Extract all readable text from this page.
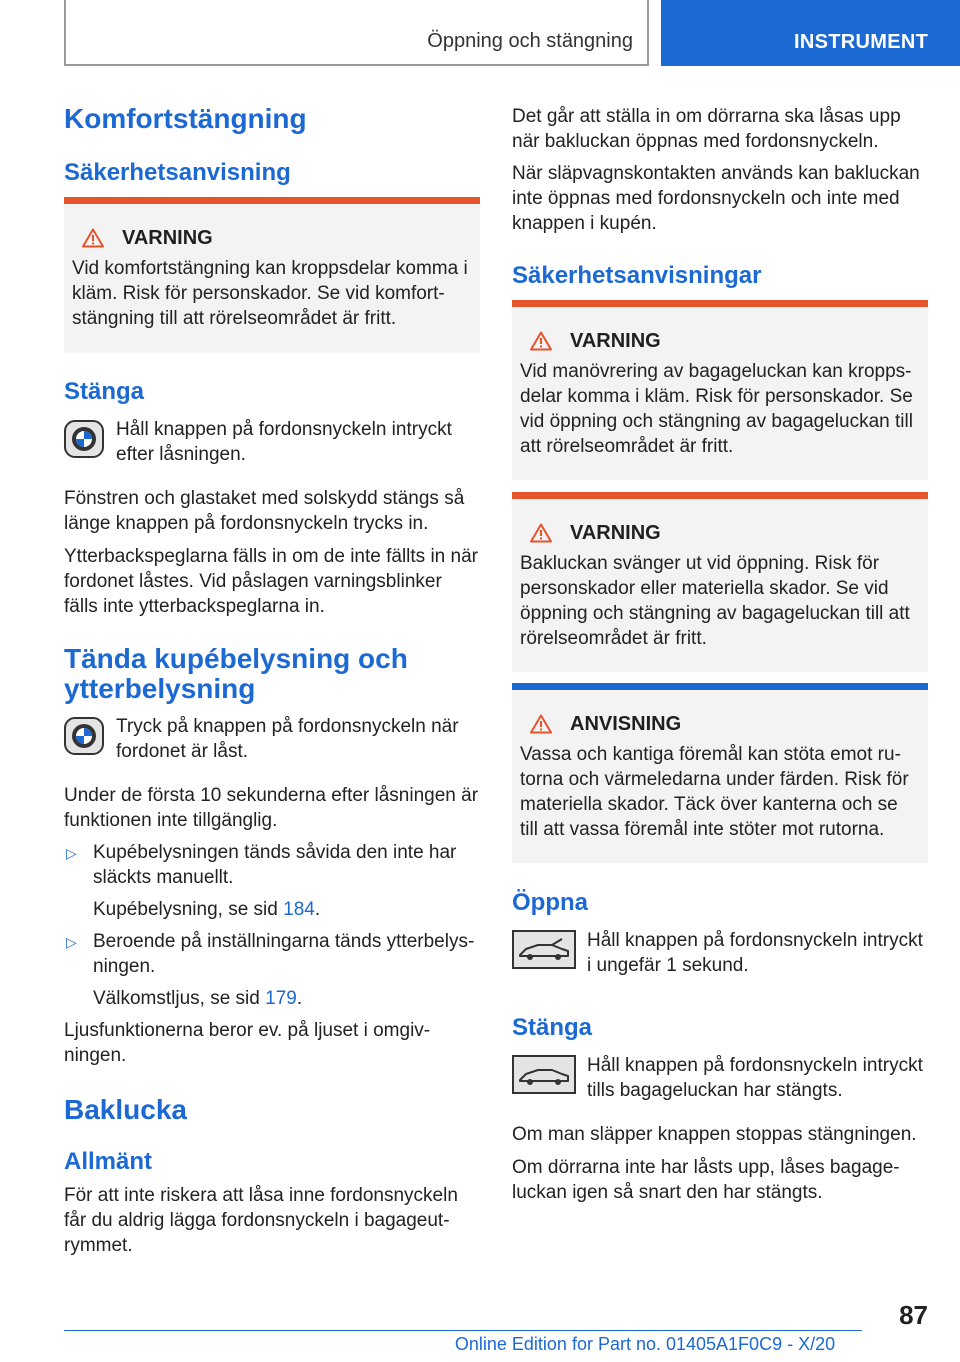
Öppning och stängning	INSTRUMENT
Komfortstängning
Säkerhetsanvisning
VARNING
Vid komfortstängning kan kroppsdelar komma i kläm. Risk för personskador. Se vid komfortstängning till att rörelseområdet är fritt.
Stänga
Håll knappen på fordonsnyckeln intryckt efter låsningen.
Fönstren och glastaket med solskydd stängs så länge knappen på fordonsnyckeln trycks in.
Ytterbackspeglarna fälls in om de inte fällts in när fordonet låstes. Vid påslagen varningsblinker fälls inte ytterbackspeglarna in.
Tända kupébelysning och ytterbelysning
Tryck på knappen på fordonsnyckeln när fordonet är låst.
Under de första 10 sekunderna efter låsningen är funktionen inte tillgänglig.
▷ Kupébelysningen tänds såvida den inte har släckts manuellt.
Kupébelysning, se sid 184.
▷ Beroende på inställningarna tänds ytterbelysningen.
Välkomstljus, se sid 179.
Ljusfunktionerna beror ev. på ljuset i omgivningen.
Baklucka
Allmänt
För att inte riskera att låsa inne fordonsnyckeln får du aldrig lägga fordonsnyckeln i bagageutrymmet.
Det går att ställa in om dörrarna ska låsas upp när bakluckan öppnas med fordonsnyckeln.
När släpvagnskontakten används kan bakluckan inte öppnas med fordonsnyckeln och inte med knappen i kupén.
Säkerhetsanvisningar
VARNING
Vid manövrering av bagageluckan kan kroppsdelar komma i kläm. Risk för personskador. Se vid öppning och stängning av bagageluckan till att rörelseområdet är fritt.
VARNING
Bakluckan svänger ut vid öppning. Risk för personskador eller materiella skador. Se vid öppning och stängning av bagageluckan till att rörelseområdet är fritt.
ANVISNING
Vassa och kantiga föremål kan stöta emot rutorna och värmeledarna under färden. Risk för materiella skador. Täck över kanterna och se till att vassa föremål inte stöter mot rutorna.
Öppna
Håll knappen på fordonsnyckeln intryckt i ungefär 1 sekund.
Stänga
Håll knappen på fordonsnyckeln intryckt tills bagageluckan har stängts.
Om man släpper knappen stoppas stängningen.
Om dörrarna inte har låsts upp, låses bagageluckan igen så snart den har stängts.
87
Online Edition for Part no. 01405A1F0C9 - X/20
